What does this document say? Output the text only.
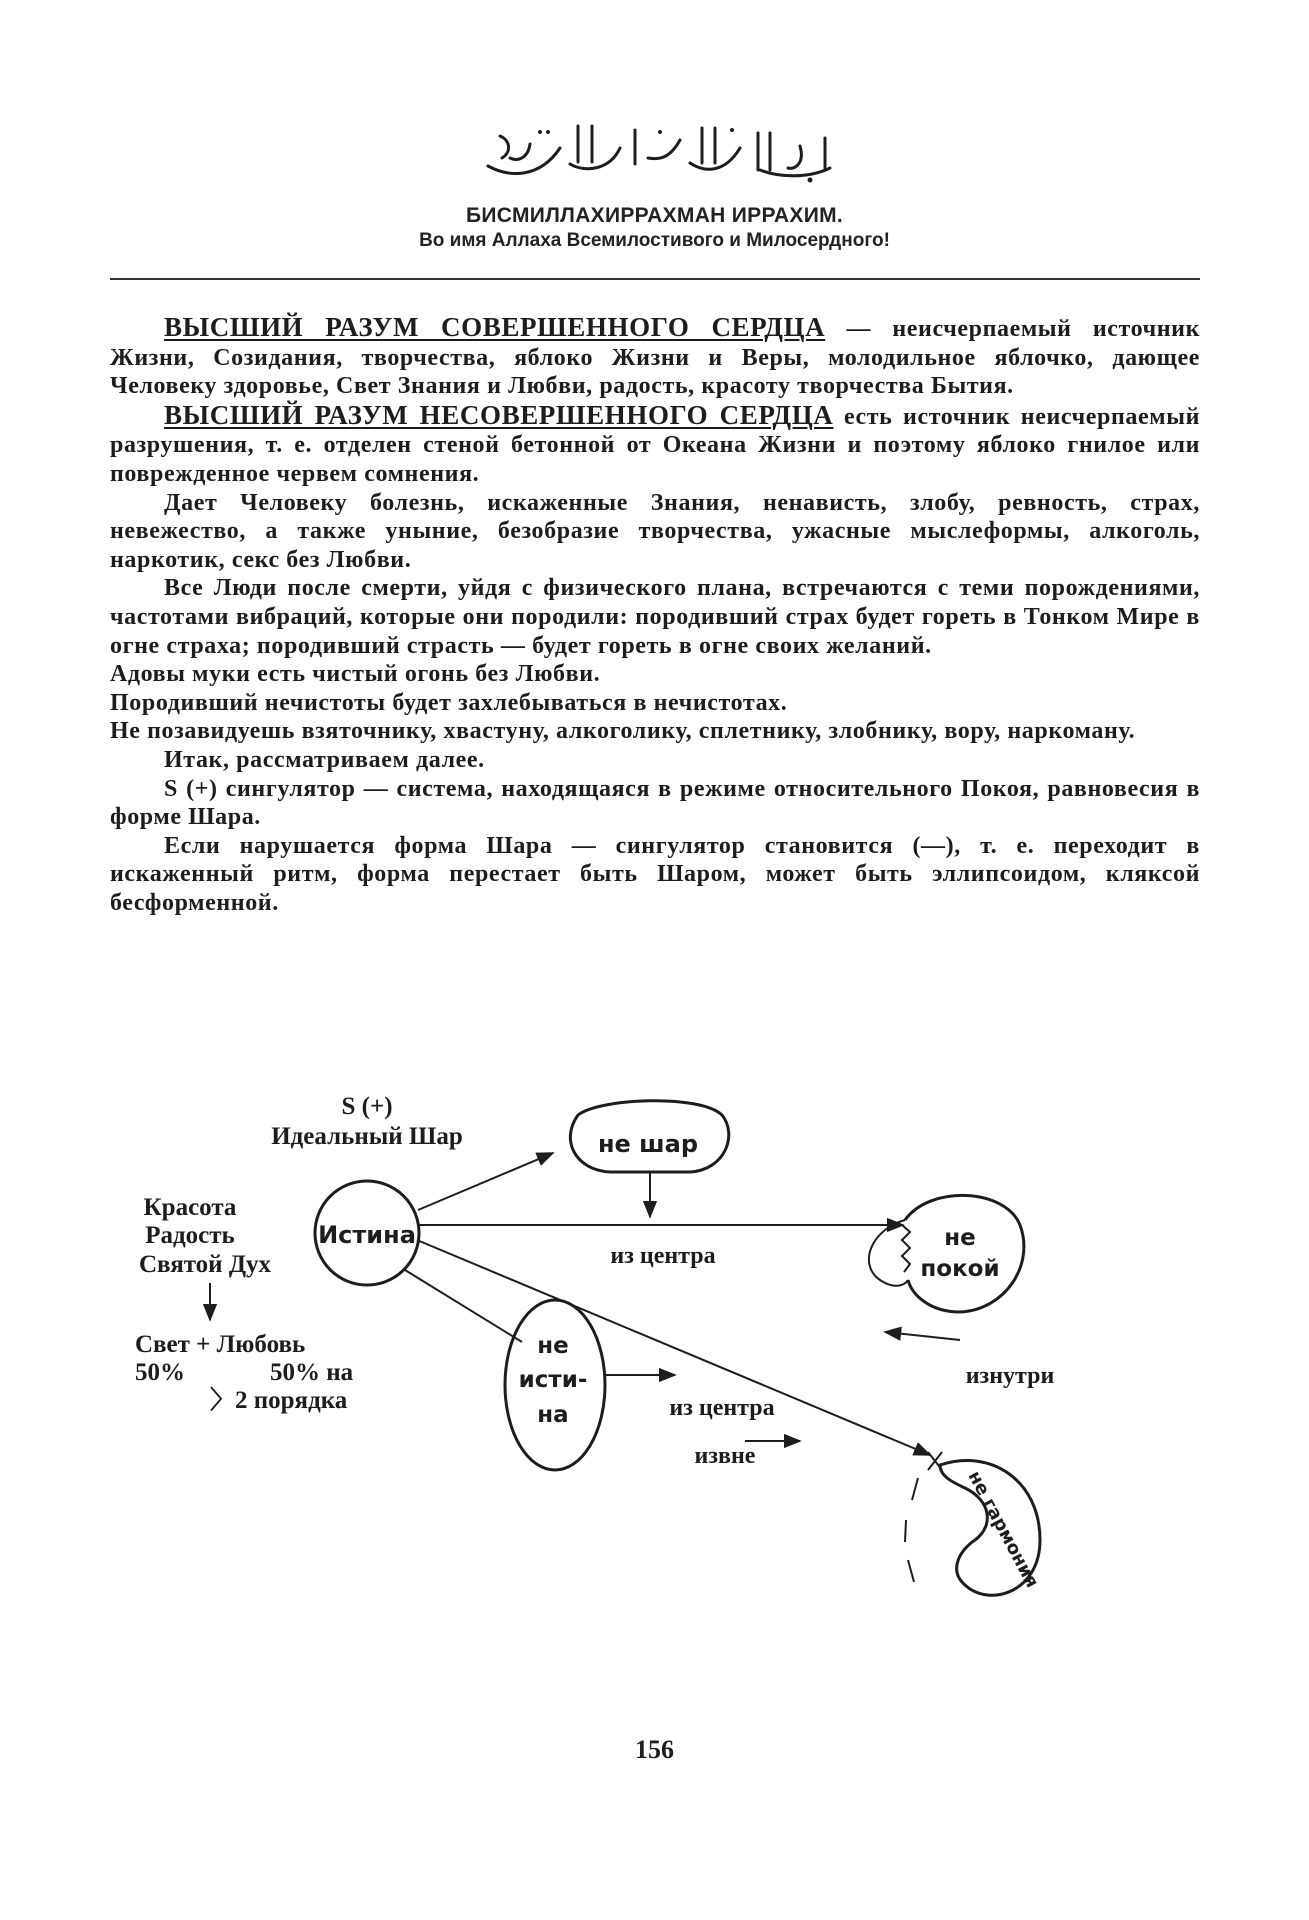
БИСМИЛЛАХИРРАХМАН ИРРАХИМ.
Во имя Аллаха Всемилостивого и Милосердного!

ВЫСШИЙ РАЗУМ СОВЕРШЕННОГО СЕРДЦА — неисчерпаемый источник Жизни, Созидания, творчества, яблоко Жизни и Веры, молодильное яблочко, дающее Человеку здоровье, Свет Знания и Любви, радость, красоту творчества Бытия.

ВЫСШИЙ РАЗУМ НЕСОВЕРШЕННОГО СЕРДЦА есть источник неисчерпаемый разрушения, т. е. отделен стеной бетонной от Океана Жизни и поэтому яблоко гнилое или поврежденное червем сомнения.

Дает Человеку болезнь, искаженные Знания, ненависть, злобу, ревность, страх, невежество, а также уныние, безобразие творчества, ужасные мыслеформы, алкоголь, наркотик, секс без Любви.

Все Люди после смерти, уйдя с физического плана, встречаются с теми порождениями, частотами вибраций, которые они породили: породивший страх будет гореть в Тонком Мире в огне страха; породивший страсть — будет гореть в огне своих желаний.

Адовы муки есть чистый огонь без Любви.

Породивший нечистоты будет захлебываться в нечистотах.

Не позавидуешь взяточнику, хвастуну, алкоголику, сплетнику, злобнику, вору, наркоману.

Итак, рассматриваем далее.

S (+) сингулятор — система, находящаяся в режиме относительного Покоя, равновесия в форме Шара.

Если нарушается форма Шара — сингулятор становится (—), т. е. переходит в искаженный ритм, форма перестает быть Шаром, может быть эллипсоидом, кляксой бесформенной.

S (+)
Идеальный Шар
Красота
Радость
Святой Дух
Свет + Любовь
50%	50% на
〉2 порядка
Истина
не шар
из центра
не
покой
изнутри
не
исти-
на	из центра
извне
не гармония
156
